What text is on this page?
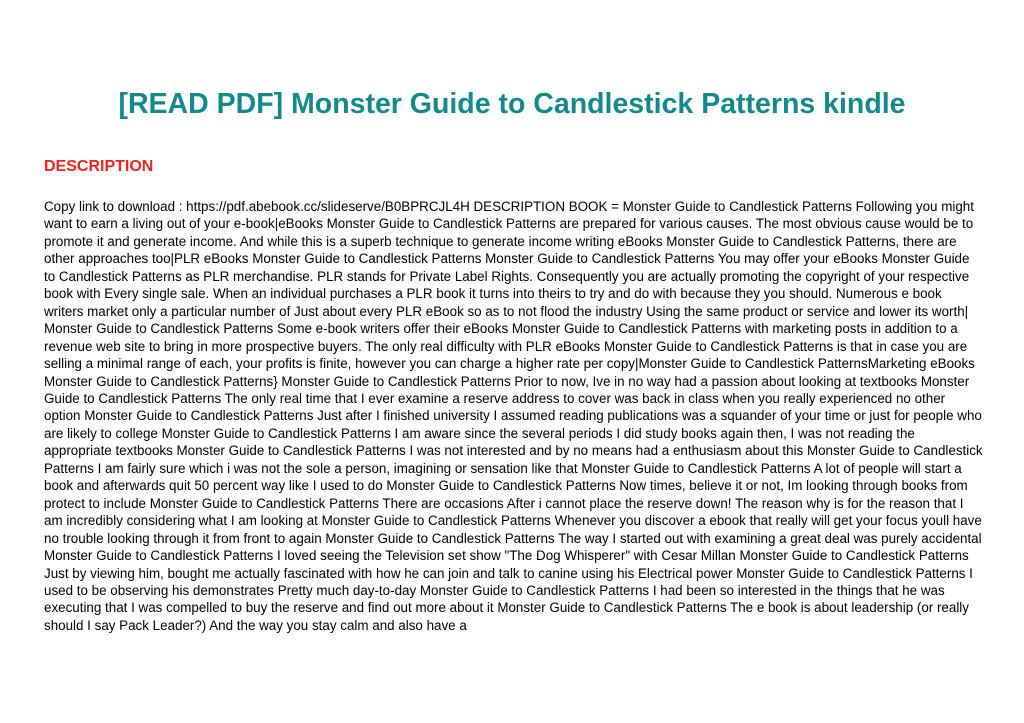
[READ PDF] Monster Guide to Candlestick Patterns kindle
DESCRIPTION

Copy link to download : https://pdf.abebook.cc/slideserve/B0BPRCJL4H DESCRIPTION BOOK = Monster Guide to Candlestick Patterns Following you might want to earn a living out of your e-book|eBooks Monster Guide to Candlestick Patterns are prepared for various causes. The most obvious cause would be to promote it and generate income. And while this is a superb technique to generate income writing eBooks Monster Guide to Candlestick Patterns, there are other approaches too|PLR eBooks Monster Guide to Candlestick Patterns Monster Guide to Candlestick Patterns You may offer your eBooks Monster Guide to Candlestick Patterns as PLR merchandise. PLR stands for Private Label Rights. Consequently you are actually promoting the copyright of your respective book with Every single sale. When an individual purchases a PLR book it turns into theirs to try and do with because they you should. Numerous e book writers market only a particular number of Just about every PLR eBook so as to not flood the industry Using the same product or service and lower its worth| Monster Guide to Candlestick Patterns Some e-book writers offer their eBooks Monster Guide to Candlestick Patterns with marketing posts in addition to a revenue web site to bring in more prospective buyers. The only real difficulty with PLR eBooks Monster Guide to Candlestick Patterns is that in case you are selling a minimal range of each, your profits is finite, however you can charge a higher rate per copy|Monster Guide to Candlestick PatternsMarketing eBooks Monster Guide to Candlestick Patterns} Monster Guide to Candlestick Patterns Prior to now, Ive in no way had a passion about looking at textbooks Monster Guide to Candlestick Patterns The only real time that I ever examine a reserve address to cover was back in class when you really experienced no other option Monster Guide to Candlestick Patterns Just after I finished university I assumed reading publications was a squander of your time or just for people who are likely to college Monster Guide to Candlestick Patterns I am aware since the several periods I did study books again then, I was not reading the appropriate textbooks Monster Guide to Candlestick Patterns I was not interested and by no means had a enthusiasm about this Monster Guide to Candlestick Patterns I am fairly sure which i was not the sole a person, imagining or sensation like that Monster Guide to Candlestick Patterns A lot of people will start a book and afterwards quit 50 percent way like I used to do Monster Guide to Candlestick Patterns Now times, believe it or not, Im looking through books from protect to include Monster Guide to Candlestick Patterns There are occasions After i cannot place the reserve down! The reason why is for the reason that I am incredibly considering what I am looking at Monster Guide to Candlestick Patterns Whenever you discover a ebook that really will get your focus youll have no trouble looking through it from front to again Monster Guide to Candlestick Patterns The way I started out with examining a great deal was purely accidental Monster Guide to Candlestick Patterns I loved seeing the Television set show "The Dog Whisperer" with Cesar Millan Monster Guide to Candlestick Patterns Just by viewing him, bought me actually fascinated with how he can join and talk to canine using his Electrical power Monster Guide to Candlestick Patterns I used to be observing his demonstrates Pretty much day-to-day Monster Guide to Candlestick Patterns I had been so interested in the things that he was executing that I was compelled to buy the reserve and find out more about it Monster Guide to Candlestick Patterns The e book is about leadership (or really should I say Pack Leader?) And the way you stay calm and also have a
